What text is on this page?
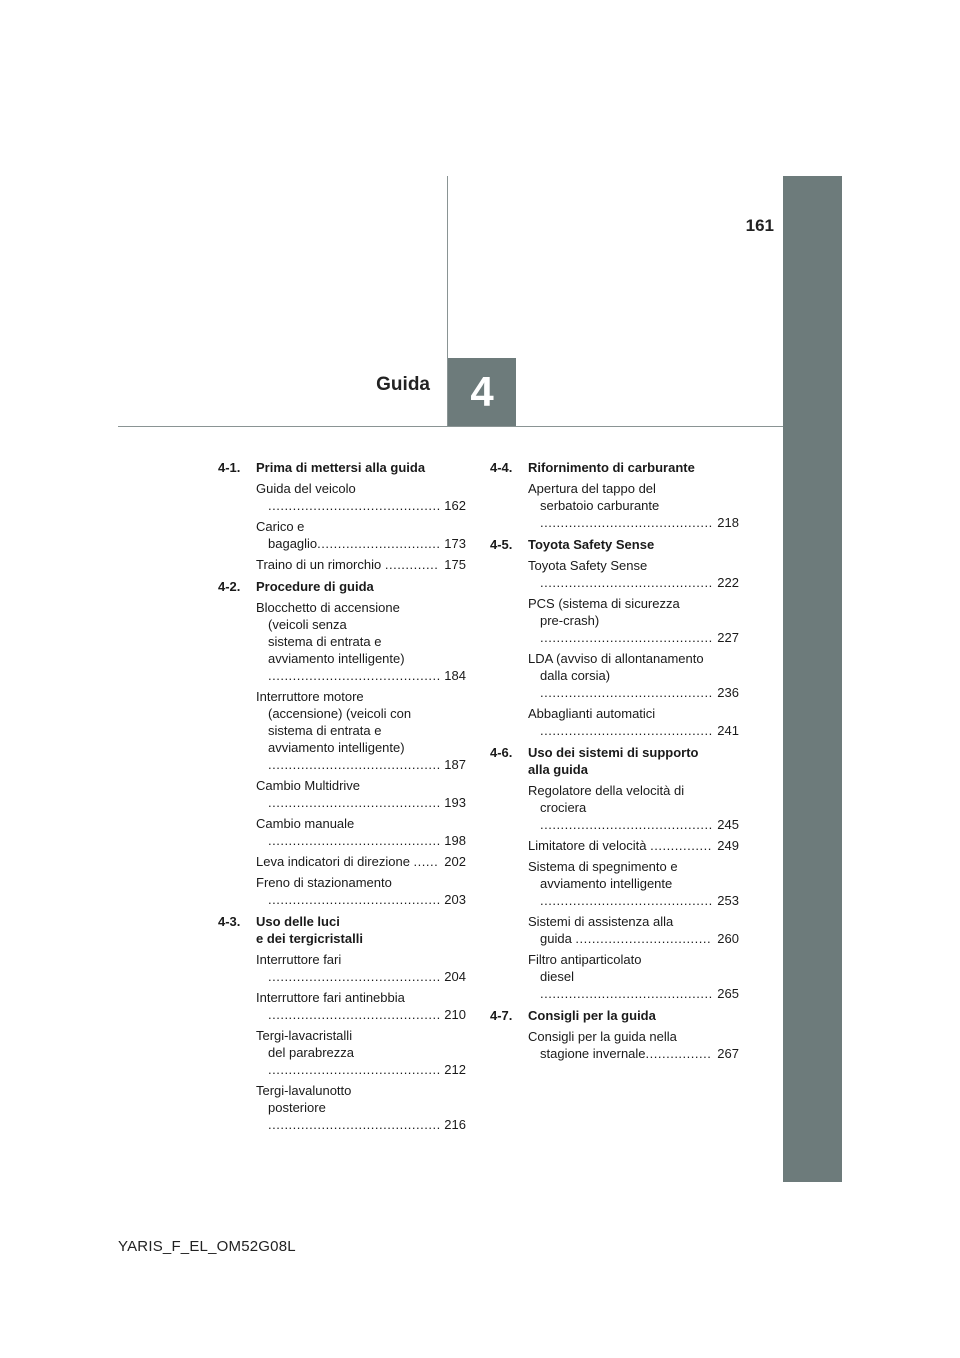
161
Guida 4
4-1.	Prima di mettersi alla guida
Guida del veicolo .......................................... 162
Carico e bagaglio.............................. 173
Traino di un rimorchio ............. 175
4-2.	Procedure di guida
Blocchetto di accensione
(veicoli senza
sistema di entrata e
avviamento intelligente) .......................................... 184
Interruttore motore
(accensione) (veicoli con
sistema di entrata e
avviamento intelligente) .......................................... 187
Cambio Multidrive .......................................... 193
Cambio manuale .......................................... 198
Leva indicatori di direzione ...... 202
Freno di stazionamento .......................................... 203
4-3.	Uso delle luci
e dei tergicristalli
Interruttore fari .......................................... 204
Interruttore fari antinebbia .......................................... 210
Tergi-lavacristalli
del parabrezza .......................................... 212
Tergi-lavalunotto
posteriore .......................................... 216
4-4.	Rifornimento di carburante
Apertura del tappo del
serbatoio carburante .......................................... 218
4-5.	Toyota Safety Sense
Toyota Safety Sense .......................................... 222
PCS (sistema di sicurezza
pre-crash) .......................................... 227
LDA (avviso di allontanamento
dalla corsia) .......................................... 236
Abbaglianti automatici .......................................... 241
4-6.	Uso dei sistemi di supporto
alla guida
Regolatore della velocità di
crociera .......................................... 245
Limitatore di velocità ............... 249
Sistema di spegnimento e
avviamento intelligente .......................................... 253
Sistemi di assistenza alla
guida ................................. 260
Filtro antiparticolato
diesel .......................................... 265
4-7.	Consigli per la guida
Consigli per la guida nella
stagione invernale................ 267
YARIS_F_EL_OM52G08L
